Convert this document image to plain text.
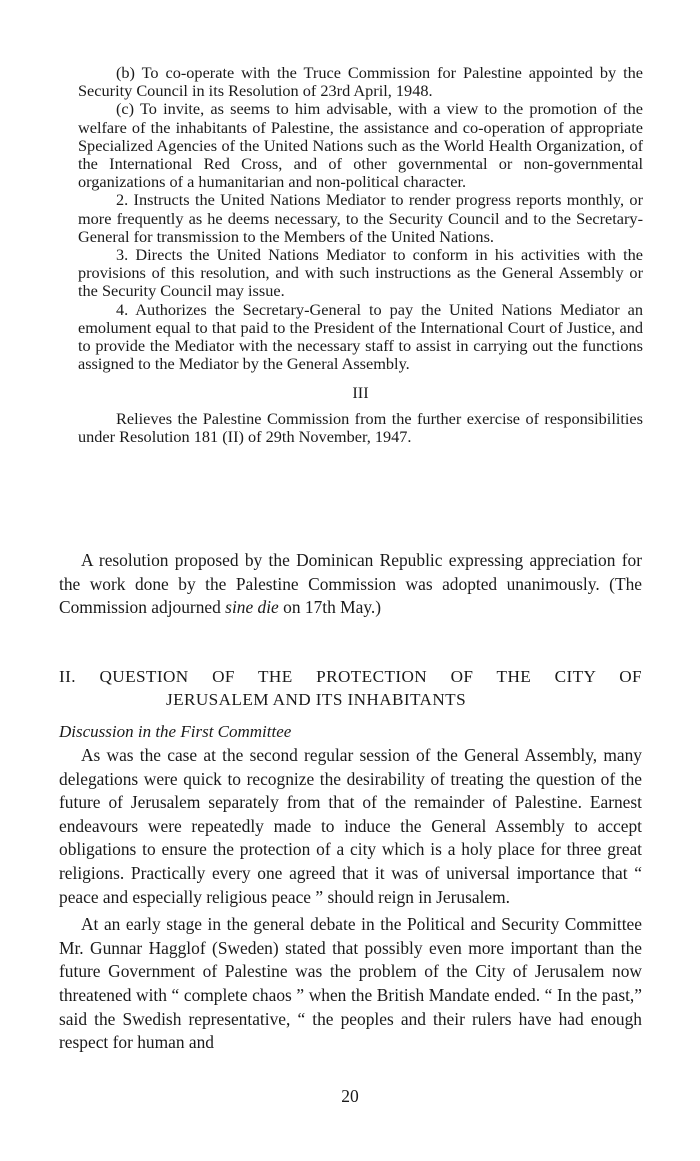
(b) To co-operate with the Truce Commission for Palestine appointed by the Security Council in its Resolution of 23rd April, 1948.

(c) To invite, as seems to him advisable, with a view to the promotion of the welfare of the inhabitants of Palestine, the assistance and co-operation of appropriate Specialized Agencies of the United Nations such as the World Health Organization, of the International Red Cross, and of other governmental or non-governmental organizations of a humanitarian and non-political character.

2. Instructs the United Nations Mediator to render progress reports monthly, or more frequently as he deems necessary, to the Security Council and to the Secretary-General for transmission to the Members of the United Nations.

3. Directs the United Nations Mediator to conform in his activities with the provisions of this resolution, and with such instructions as the General Assembly or the Security Council may issue.

4. Authorizes the Secretary-General to pay the United Nations Mediator an emolument equal to that paid to the President of the International Court of Justice, and to provide the Mediator with the necessary staff to assist in carrying out the functions assigned to the Mediator by the General Assembly.

III

Relieves the Palestine Commission from the further exercise of responsibilities under Resolution 181 (II) of 29th November, 1947.

A resolution proposed by the Dominican Republic expressing appreciation for the work done by the Palestine Commission was adopted unanimously. (The Commission adjourned sine die on 17th May.)

II. QUESTION OF THE PROTECTION OF THE CITY OF
JERUSALEM AND ITS INHABITANTS

Discussion in the First Committee

As was the case at the second regular session of the General Assembly, many delegations were quick to recognize the desirability of treating the question of the future of Jerusalem separately from that of the remainder of Palestine. Earnest endeavours were repeatedly made to induce the General Assembly to accept obligations to ensure the protection of a city which is a holy place for three great religions. Practically every one agreed that it was of universal importance that “ peace and especially religious peace ” should reign in Jerusalem.

At an early stage in the general debate in the Political and Security Committee Mr. Gunnar Hagglof (Sweden) stated that possibly even more important than the future Government of Palestine was the problem of the City of Jerusalem now threatened with “ complete chaos ” when the British Mandate ended. “ In the past,” said the Swedish representative, “ the peoples and their rulers have had enough respect for human and

20
